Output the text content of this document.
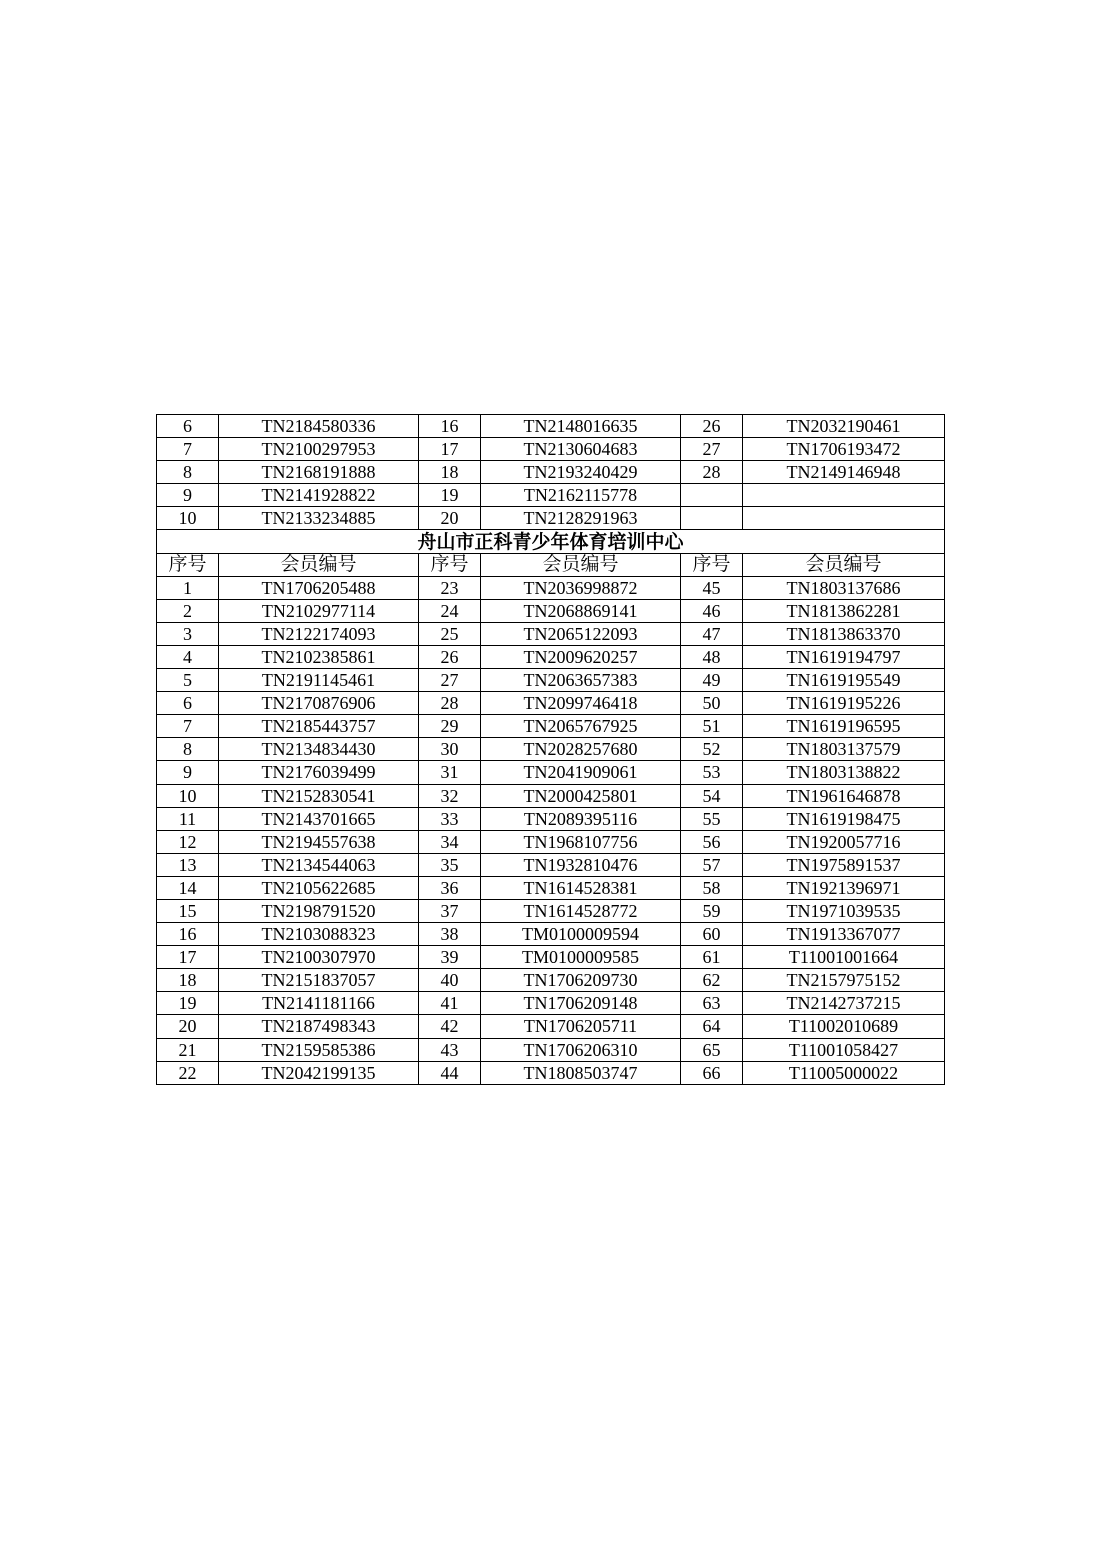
6	TN2184580336	16	TN2148016635	26	TN2032190461
7	TN2100297953	17	TN2130604683	27	TN1706193472
8	TN2168191888	18	TN2193240429	28	TN2149146948
9	TN2141928822	19	TN2162115778		
10	TN2133234885	20	TN2128291963		
舟山市正科青少年体育培训中心					
序号	会员编号	序号	会员编号	序号	会员编号
1	TN1706205488	23	TN2036998872	45	TN1803137686
2	TN2102977114	24	TN2068869141	46	TN1813862281
3	TN2122174093	25	TN2065122093	47	TN1813863370
4	TN2102385861	26	TN2009620257	48	TN1619194797
5	TN2191145461	27	TN2063657383	49	TN1619195549
6	TN2170876906	28	TN2099746418	50	TN1619195226
7	TN2185443757	29	TN2065767925	51	TN1619196595
8	TN2134834430	30	TN2028257680	52	TN1803137579
9	TN2176039499	31	TN2041909061	53	TN1803138822
10	TN2152830541	32	TN2000425801	54	TN1961646878
11	TN2143701665	33	TN2089395116	55	TN1619198475
12	TN2194557638	34	TN1968107756	56	TN1920057716
13	TN2134544063	35	TN1932810476	57	TN1975891537
14	TN2105622685	36	TN1614528381	58	TN1921396971
15	TN2198791520	37	TN1614528772	59	TN1971039535
16	TN2103088323	38	TM0100009594	60	TN1913367077
17	TN2100307970	39	TM0100009585	61	T11001001664
18	TN2151837057	40	TN1706209730	62	TN2157975152
19	TN2141181166	41	TN1706209148	63	TN2142737215
20	TN2187498343	42	TN1706205711	64	T11002010689
21	TN2159585386	43	TN1706206310	65	T11001058427
22	TN2042199135	44	TN1808503747	66	T11005000022
